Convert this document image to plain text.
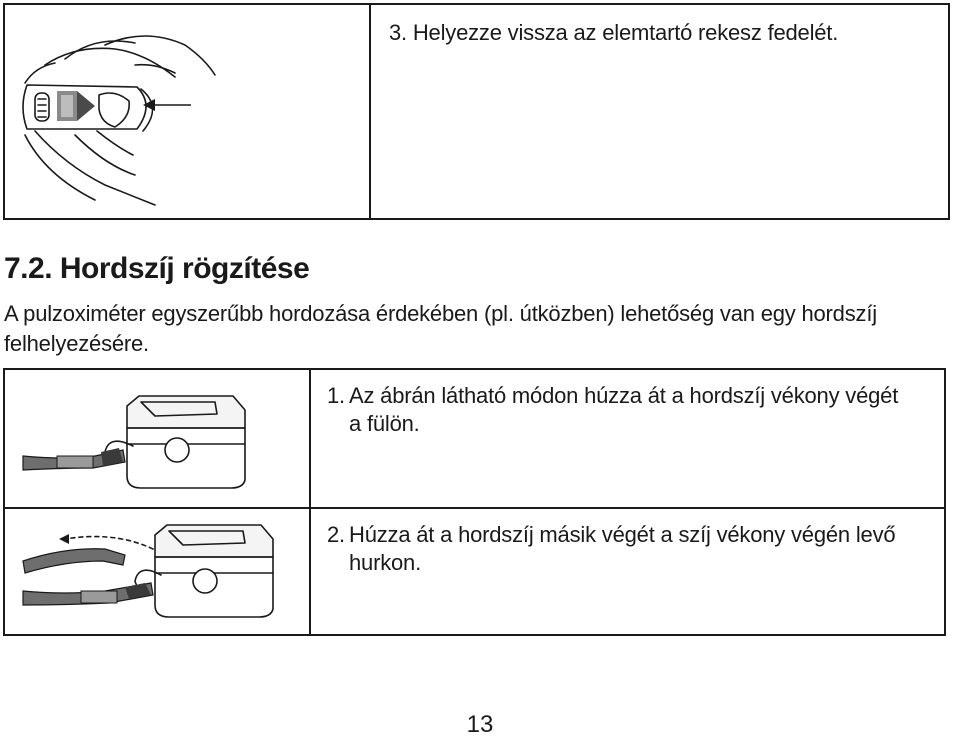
3. Helyezze vissza az elemtartó rekesz fedelét.
7.2. Hordszíj rögzítése
A pulzoximéter egyszerűbb hordozása érdekében (pl. útközben) lehetőség van egy hordszíj felhelyezésére.
1. Az ábrán látható módon húzza át a hordszíj vékony végét a fülön.
2. Húzza át a hordszíj másik végét a szíj vékony végén levő hurkon.
13
